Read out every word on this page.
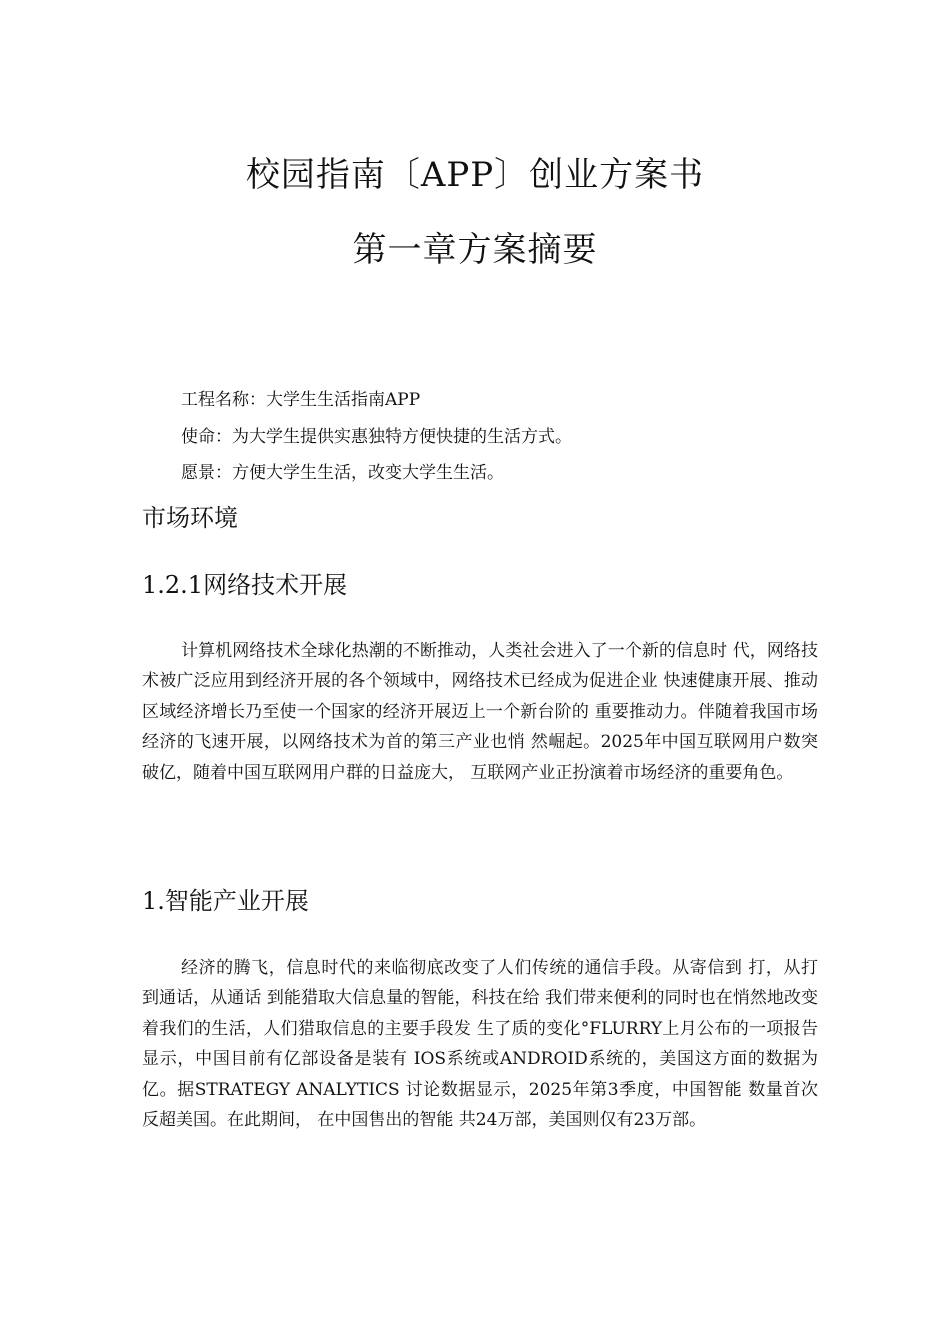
校园指南〔APP〕创业方案书
第一章方案摘要

工程名称：大学生生活指南APP

使命：为大学生提供实惠独特方便快捷的生活方式。

愿景：方便大学生生活，改变大学生生活。

市场环境
1.2.1网络技术开展

计算机网络技术全球化热潮的不断推动，人类社会进入了一个新的信息时 代，网络技术被广泛应用到经济开展的各个领域中，网络技术已经成为促进企业 快速健康开展、推动区域经济增长乃至使一个国家的经济开展迈上一个新台阶的 重要推动力。伴随着我国市场经济的飞速开展，以网络技术为首的第三产业也悄 然崛起。2025年中国互联网用户数突破亿，随着中国互联网用户群的日益庞大， 互联网产业正扮演着市场经济的重要角色。

1.智能产业开展

经济的腾飞，信息时代的来临彻底改变了人们传统的通信手段。从寄信到 打，从打 到通话，从通话 到能猎取大信息量的智能，科技在给 我们带来便利的同时也在悄然地改变着我们的生活，人们猎取信息的主要手段发 生了质的变化°FLURRY上月公布的一项报告显示，中国目前有亿部设备是装有 IOS系统或ANDROID系统的，美国这方面的数据为亿。据STRATEGY ANALYTICS 讨论数据显示，2025年第3季度，中国智能 数量首次反超美国。在此期间， 在中国售出的智能 共24万部，美国则仅有23万部。
